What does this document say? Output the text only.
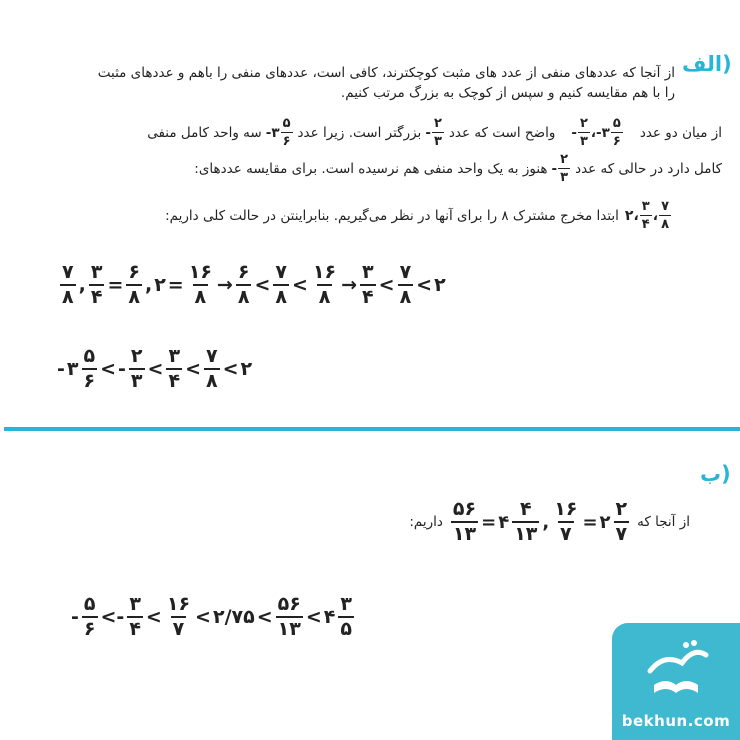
الف)
از آنجا که عددهای منفی از عدد های مثبت کوچکترند، کافی است، عددهای منفی را باهم و عددهای مثبت
را با هم مقایسه کنیم و سپس از کوچک به بزرگ مرتب کنیم.
از میان دو عدد
- $\frac{۲}{۳}$ ، - ۳ $\frac{۵}{۶}$
واضح است که عدد
- $\frac{۲}{۳}$
بزرگتر است. زیرا عدد
- ۳ $\frac{۵}{۶}$
سه واحد کامل منفی
کامل دارد در حالی که عدد
- $\frac{۲}{۳}$
هنوز به یک واحد منفی هم نرسیده است. برای مقایسه عددهای:
۲ ، $\frac{۳}{۴}$ ، $\frac{۷}{۸}$
ابتدا مخرج مشترک ۸ را برای آنها در نظر می‌گیریم. بنابراینتن در حالت کلی داریم:
$\frac{۷}{۸}$ , $\frac{۳}{۴} = \frac{۶}{۸}$ , ۲ = $\frac{۱۶}{۸} \to \frac{۶}{۸} < \frac{۷}{۸} < \frac{۱۶}{۸} \to \frac{۳}{۴} < \frac{۷}{۸}$ < ۲
- ۳ $\frac{۵}{۶}$ < - $\frac{۲}{۳} < \frac{۳}{۴} < \frac{۷}{۸}$ < ۲
ب)
از آنجا که
$\frac{۵۶}{۱۳}$ = ۴ $\frac{۴}{۱۳}$ , $\frac{۱۶}{۷}$ = ۲ $\frac{۲}{۷}$
داریم:
- $\frac{۵}{۶} <- \frac{۳}{۴} < \frac{۱۶}{۷}$ < ۲/۷۵ < $\frac{۵۶}{۱۳}$ < ۴ $\frac{۳}{۵}$
bekhun.com
